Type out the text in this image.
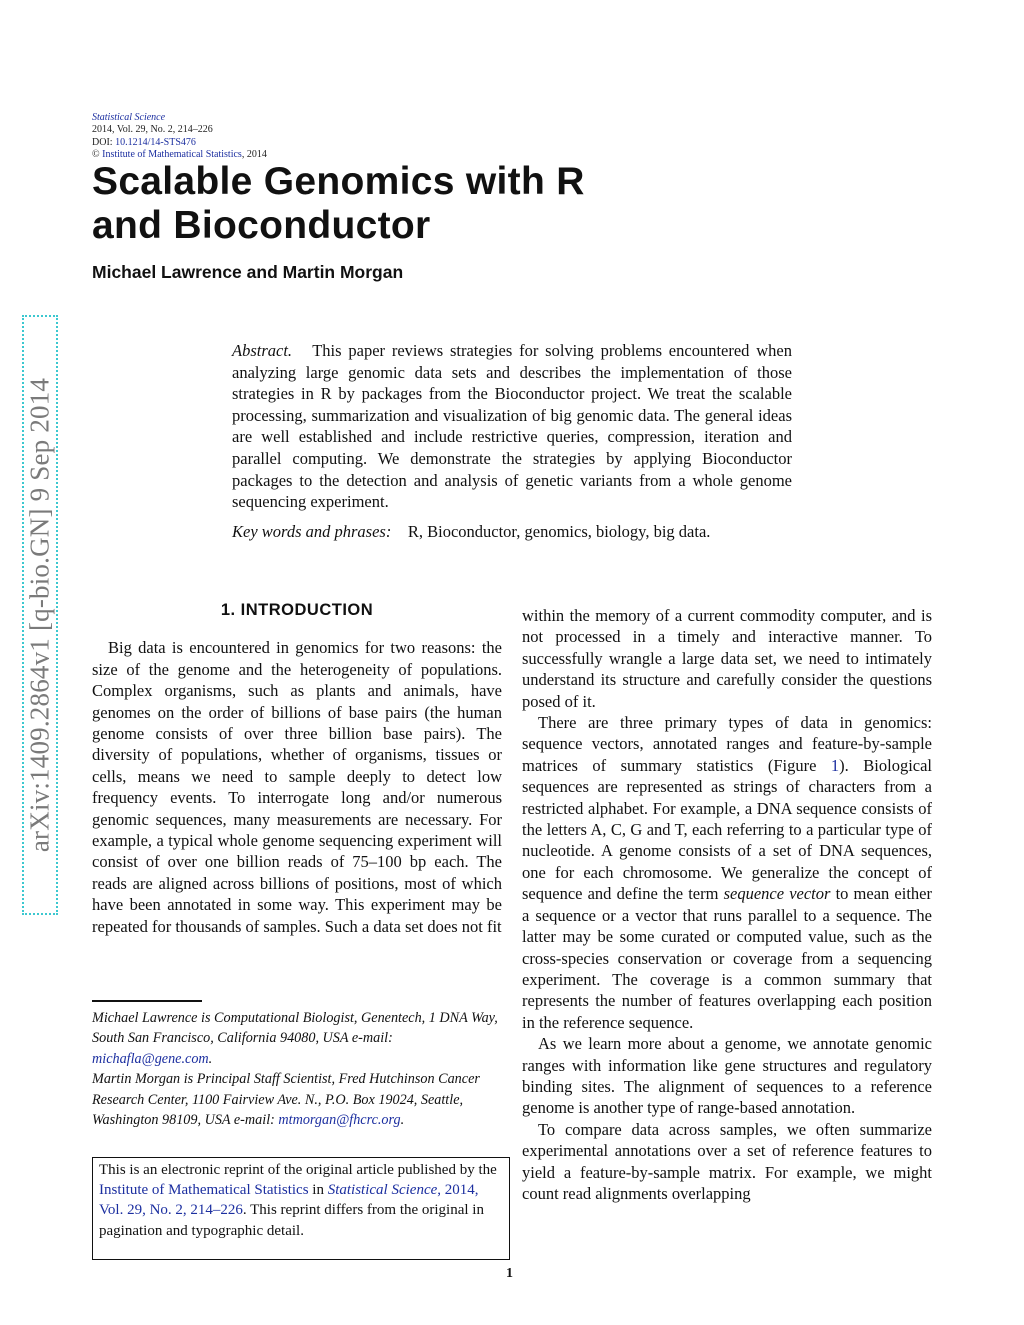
Statistical Science
2014, Vol. 29, No. 2, 214–226
DOI: 10.1214/14-STS476
© Institute of Mathematical Statistics, 2014
Scalable Genomics with R
and Bioconductor
Michael Lawrence and Martin Morgan
arXiv:1409.2864v1 [q-bio.GN] 9 Sep 2014

Abstract. This paper reviews strategies for solving problems encountered when analyzing large genomic data sets and describes the implementation of those strategies in R by packages from the Bioconductor project. We treat the scalable processing, summarization and visualization of big genomic data. The general ideas are well established and include restrictive queries, compression, iteration and parallel computing. We demonstrate the strategies by applying Bioconductor packages to the detection and analysis of genetic variants from a whole genome sequencing experiment.

Key words and phrases: R, Bioconductor, genomics, biology, big data.

1. INTRODUCTION

Big data is encountered in genomics for two reasons: the size of the genome and the heterogeneity of populations. Complex organisms, such as plants and animals, have genomes on the order of billions of base pairs (the human genome consists of over three billion base pairs). The diversity of populations, whether of organisms, tissues or cells, means we need to sample deeply to detect low frequency events. To interrogate long and/or numerous genomic sequences, many measurements are necessary. For example, a typical whole genome sequencing experiment will consist of over one billion reads of 75–100 bp each. The reads are aligned across billions of positions, most of which have been annotated in some way. This experiment may be repeated for thousands of samples. Such a data set does not fit

Michael Lawrence is Computational Biologist, Genentech, 1 DNA Way, South San Francisco, California 94080, USA e-mail: michafla@gene.com.

Martin Morgan is Principal Staff Scientist, Fred Hutchinson Cancer Research Center, 1100 Fairview Ave. N., P.O. Box 19024, Seattle, Washington 98109, USA e-mail: mtmorgan@fhcrc.org.

This is an electronic reprint of the original article published by the Institute of Mathematical Statistics in Statistical Science, 2014, Vol. 29, No. 2, 214–226. This reprint differs from the original in pagination and typographic detail.

within the memory of a current commodity computer, and is not processed in a timely and interactive manner. To successfully wrangle a large data set, we need to intimately understand its structure and carefully consider the questions posed of it.

There are three primary types of data in genomics: sequence vectors, annotated ranges and feature-by-sample matrices of summary statistics (Figure 1). Biological sequences are represented as strings of characters from a restricted alphabet. For example, a DNA sequence consists of the letters A, C, G and T, each referring to a particular type of nucleotide. A genome consists of a set of DNA sequences, one for each chromosome. We generalize the concept of sequence and define the term sequence vector to mean either a sequence or a vector that runs parallel to a sequence. The latter may be some curated or computed value, such as the cross-species conservation or coverage from a sequencing experiment. The coverage is a common summary that represents the number of features overlapping each position in the reference sequence.

As we learn more about a genome, we annotate genomic ranges with information like gene structures and regulatory binding sites. The alignment of sequences to a reference genome is another type of range-based annotation.

To compare data across samples, we often summarize experimental annotations over a set of reference features to yield a feature-by-sample matrix. For example, we might count read alignments overlapping

1
